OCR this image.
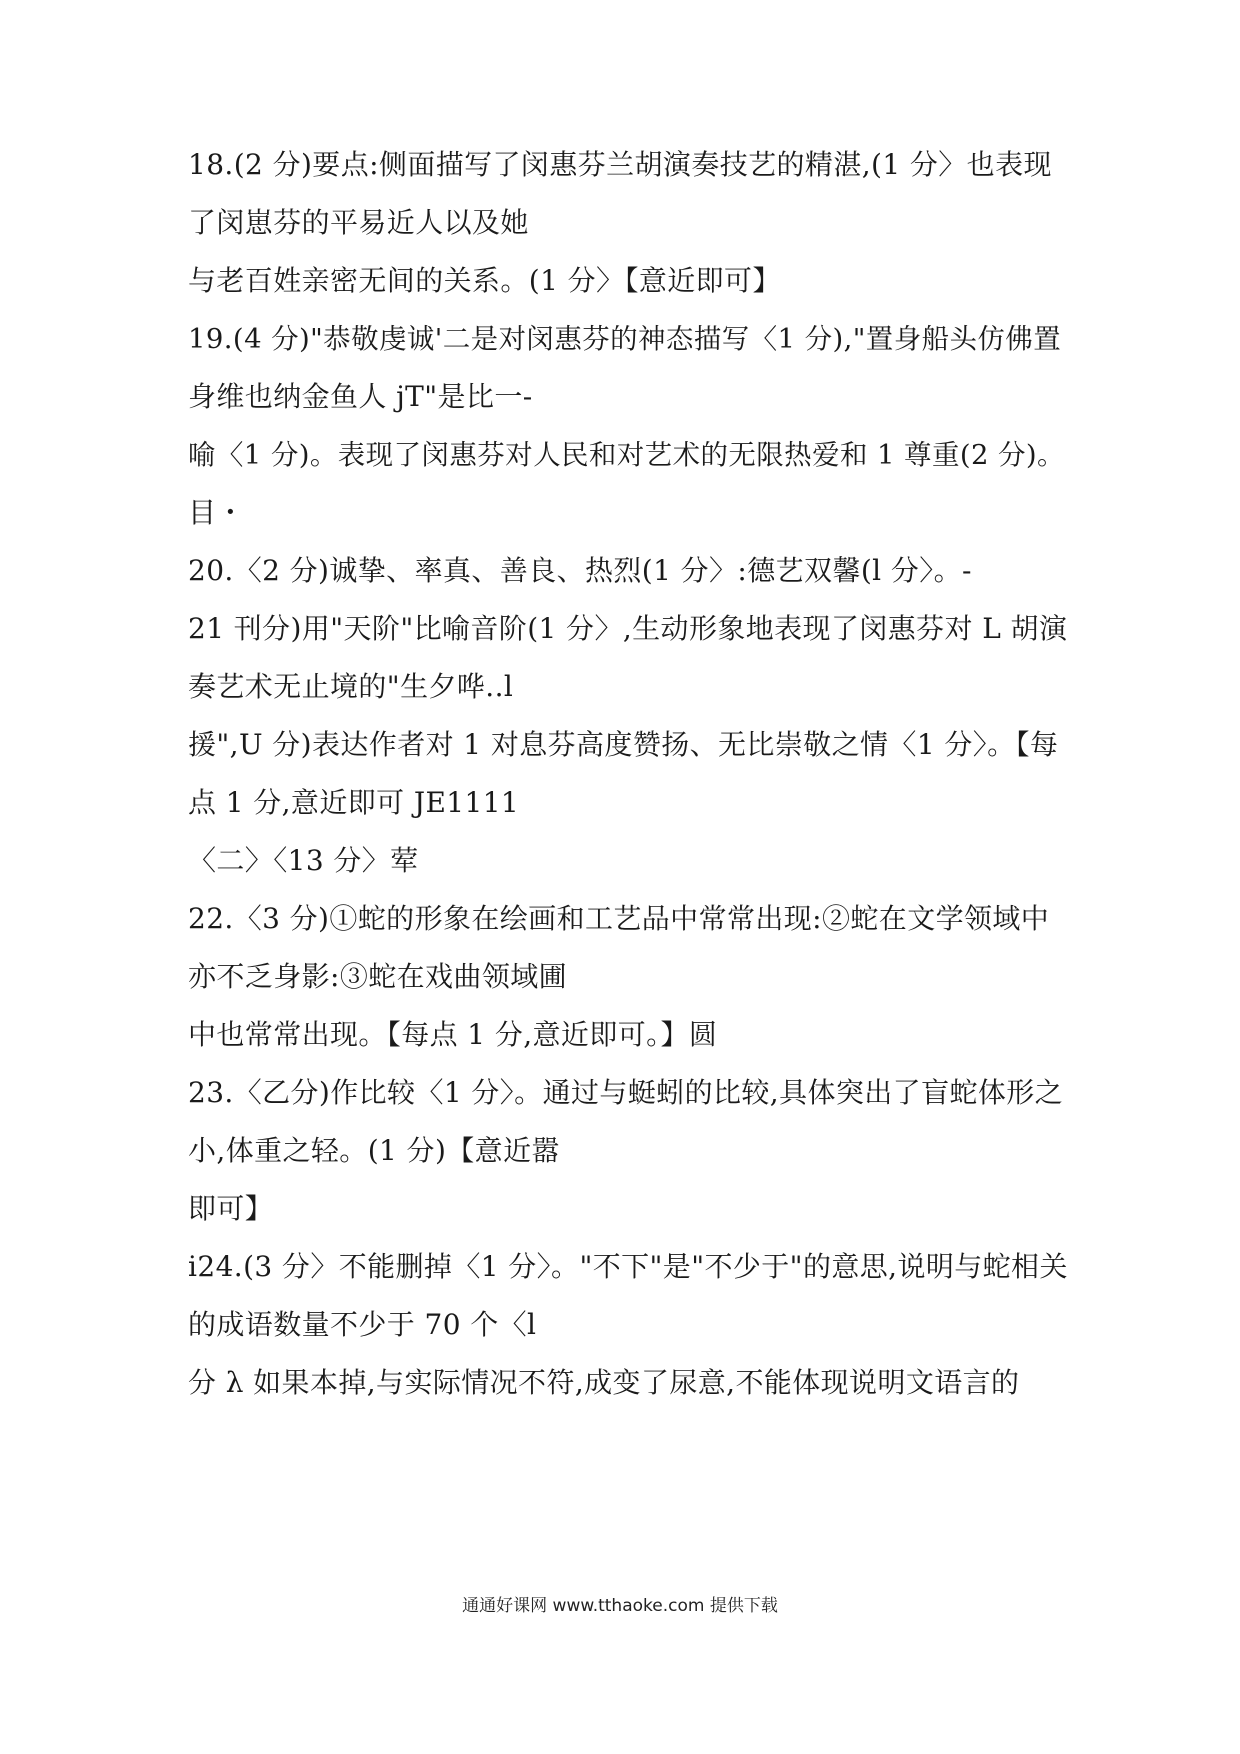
18.(2 分)要点:侧面描写了闵惠芬兰胡演奏技艺的精湛,(1 分〉也表现
了闵崽芬的平易近人以及她
与老百姓亲密无间的关系。(1 分〉【意近即可】
19.(4 分)"恭敬虔诚'二是对闵惠芬的神态描写〈1 分),"置身船头仿佛置
身维也纳金鱼人 jT"是比一-
喻〈1 分)。表现了闵惠芬对人民和对艺术的无限热爱和 1 尊重(2 分)。
目・
20.〈2 分)诚挚、率真、善良、热烈(1 分〉:德艺双馨(l 分〉。-
21 刊分)用"天阶"比喻音阶(1 分〉,生动形象地表现了闵惠芬对 L 胡演
奏艺术无止境的"生夕哗..l
援",U 分)表达作者对 1 对息芬高度赞扬、无比崇敬之情〈1 分〉。【每
点 1 分,意近即可 JE1111
〈二〉〈13 分〉荤
22.〈3 分)①蛇的形象在绘画和工艺品中常常出现:②蛇在文学领域中
亦不乏身影:③蛇在戏曲领域圃
中也常常出现。【每点 1 分,意近即可。】圆
23.〈乙分)作比较〈1 分〉。通过与蜓蚓的比较,具体突出了盲蛇体形之
小,体重之轻。(1 分)【意近嚣
即可】
i24.(3 分〉不能删掉〈1 分〉。"不下"是"不少于"的意思,说明与蛇相关
的成语数量不少于 70 个〈l
分 λ 如果本掉,与实际情况不符,成变了尿意,不能体现说明文语言的
通通好课网 www.tthaoke.com 提供下载
